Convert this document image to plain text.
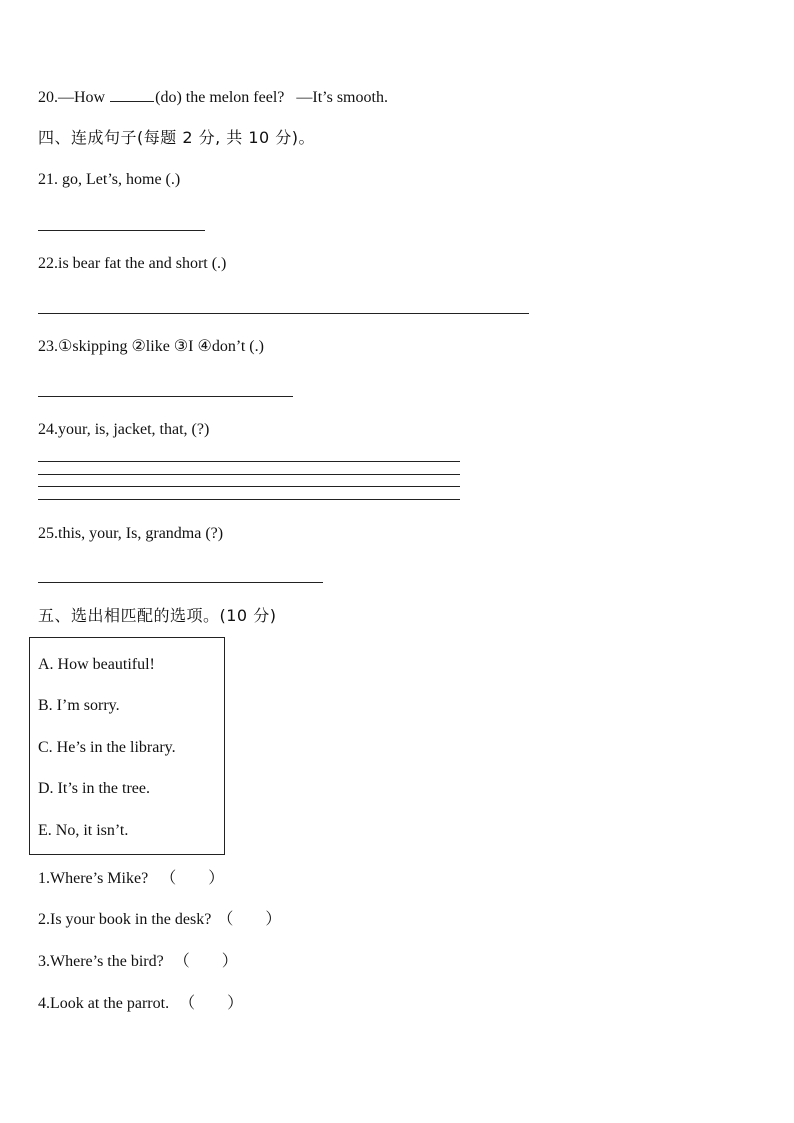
20.—How	(do) the melon feel?   —It’s smooth.
四、连成句子(每题 2 分, 共 10 分)。
21. go, Let’s, home (.)
22.is bear fat the and short (.)
23.①skipping ②like ③I ④don’t (.)
24.your, is, jacket, that, (?)
25.this, your, Is, grandma (?)
五、选出相匹配的选项。(10 分)
A. How beautiful!
B. I’m sorry.
C. He’s in the library.
D. It’s in the tree.
E. No, it isn’t.
1.Where’s Mike? （        ）
2.Is your book in the desk? （        ）
3.Where’s the bird? （        ）
4.Look at the parrot. （        ）
